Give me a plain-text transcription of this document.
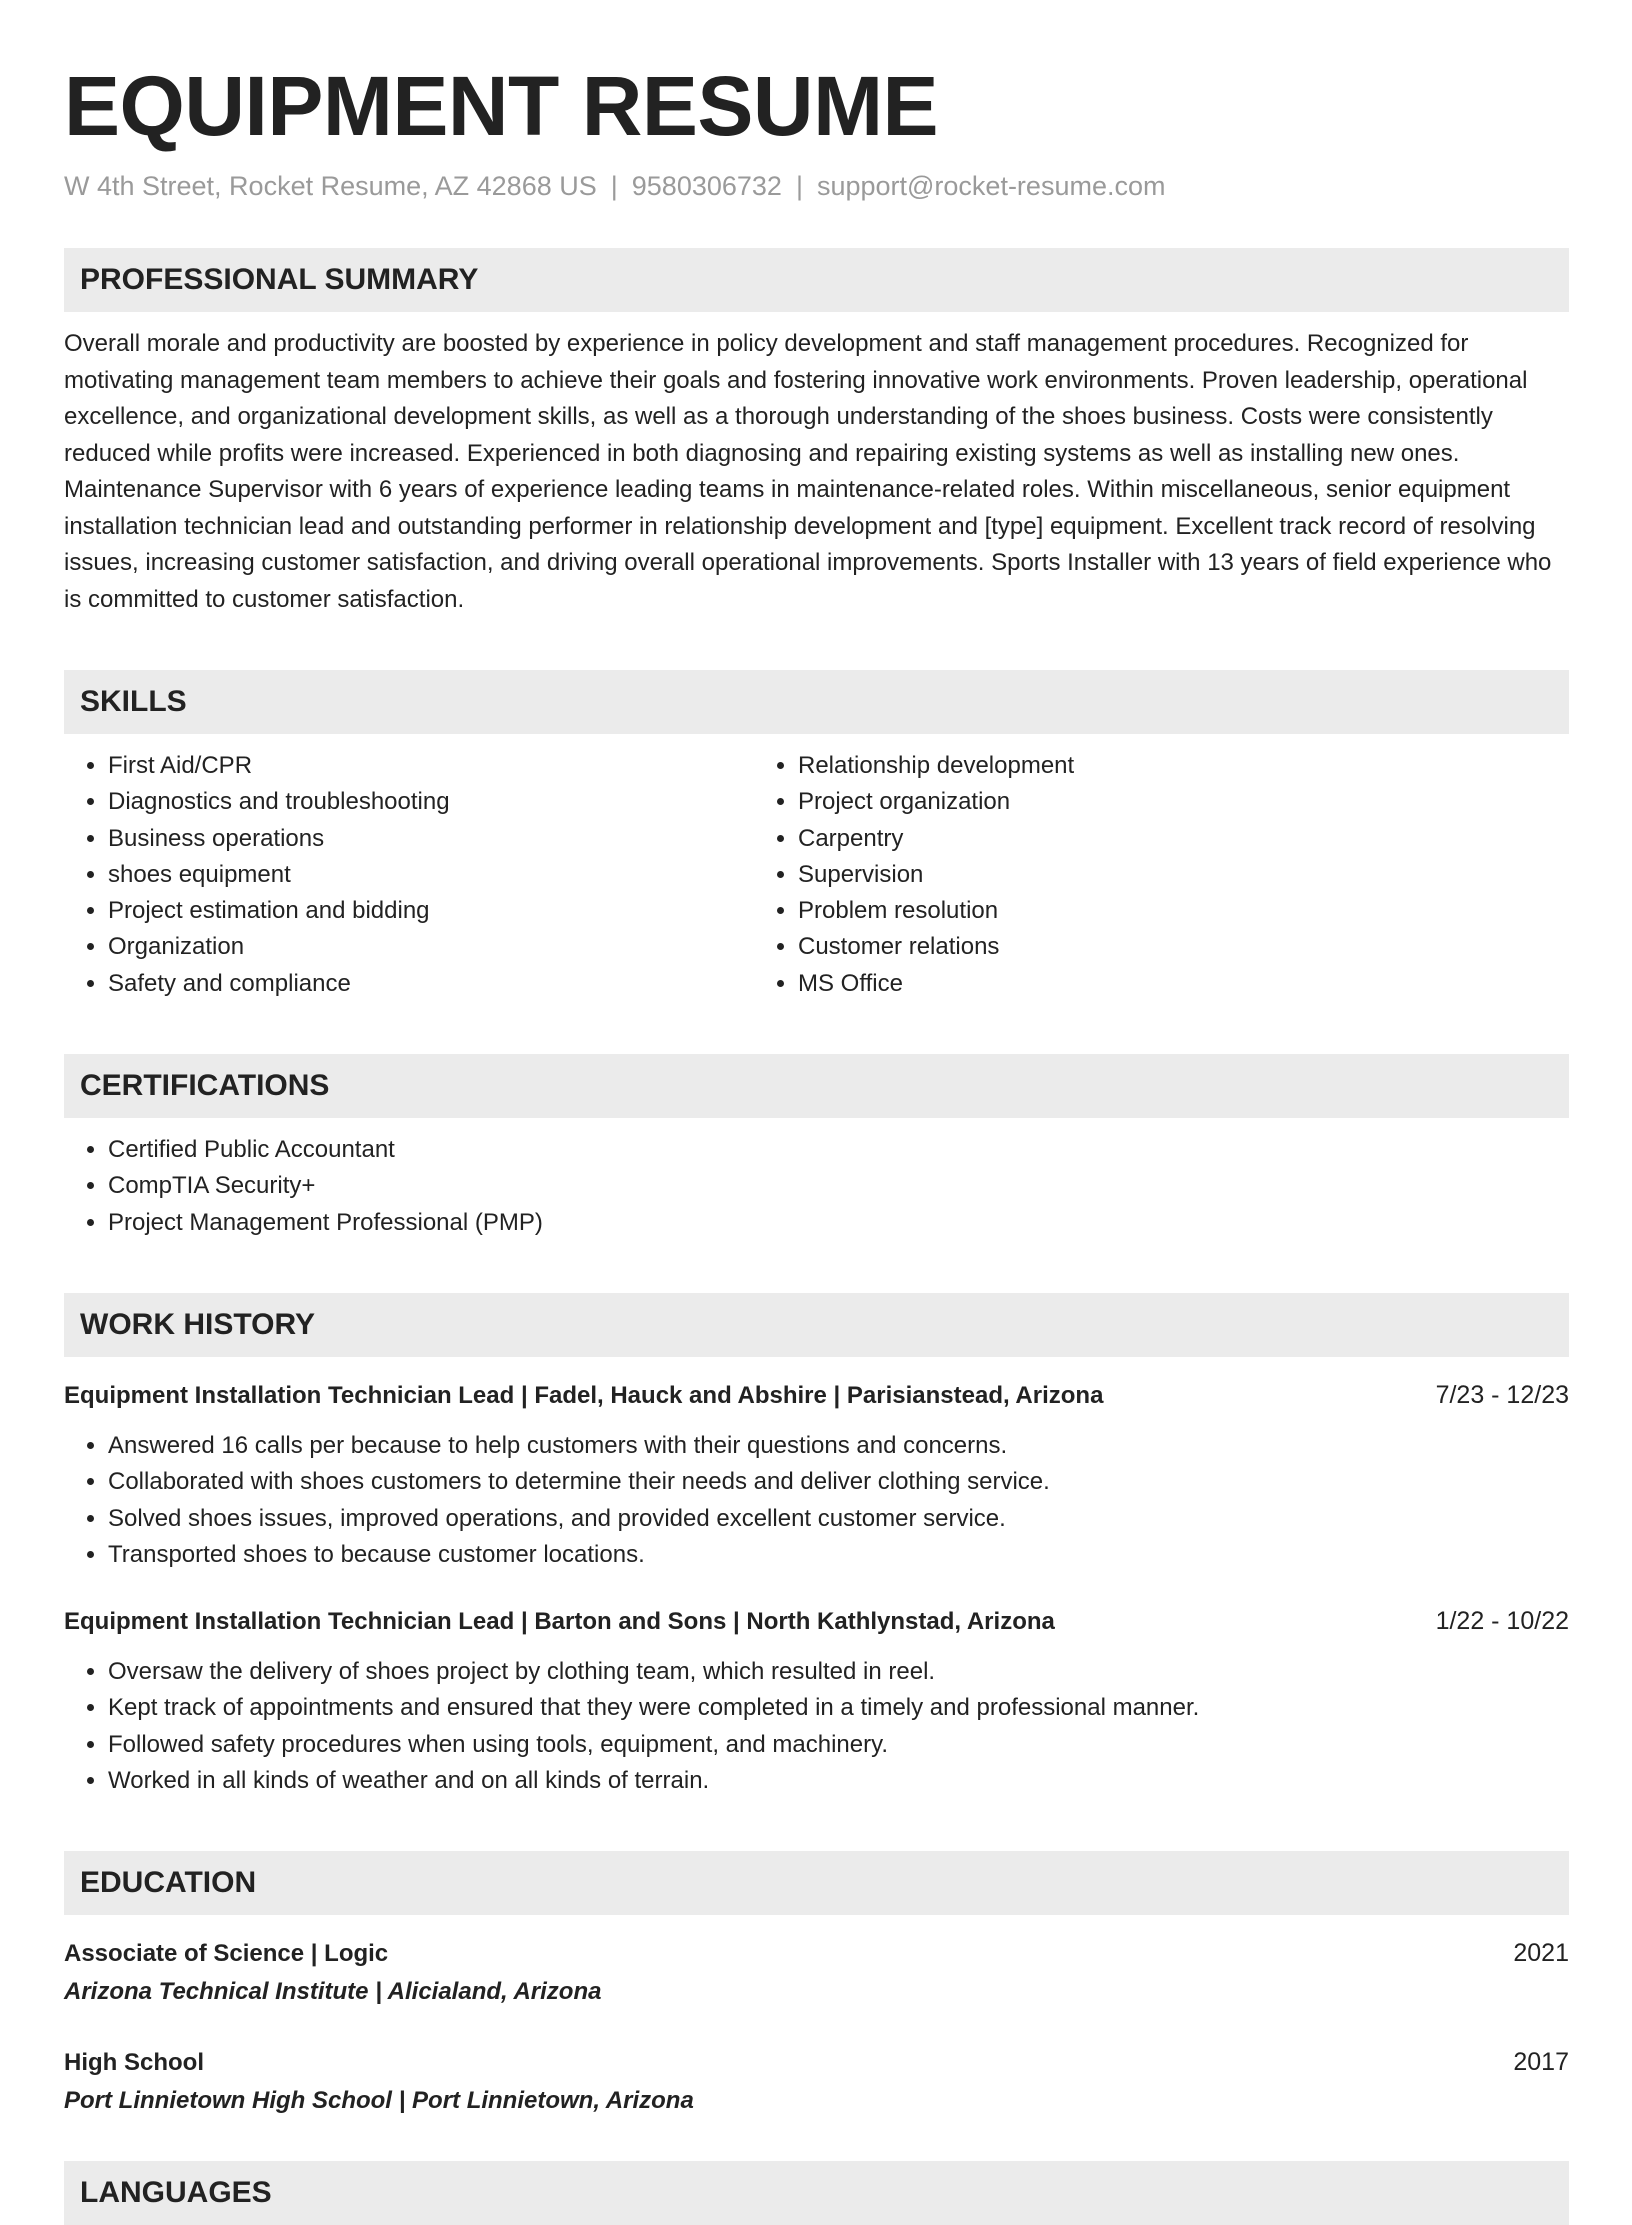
EQUIPMENT RESUME
W 4th Street, Rocket Resume, AZ 42868 US | 9580306732 | support@rocket-resume.com
PROFESSIONAL SUMMARY
Overall morale and productivity are boosted by experience in policy development and staff management procedures. Recognized for motivating management team members to achieve their goals and fostering innovative work environments. Proven leadership, operational excellence, and organizational development skills, as well as a thorough understanding of the shoes business. Costs were consistently reduced while profits were increased. Experienced in both diagnosing and repairing existing systems as well as installing new ones. Maintenance Supervisor with 6 years of experience leading teams in maintenance-related roles. Within miscellaneous, senior equipment installation technician lead and outstanding performer in relationship development and [type] equipment. Excellent track record of resolving issues, increasing customer satisfaction, and driving overall operational improvements. Sports Installer with 13 years of field experience who is committed to customer satisfaction.
SKILLS
• First Aid/CPR
• Diagnostics and troubleshooting
• Business operations
• shoes equipment
• Project estimation and bidding
• Organization
• Safety and compliance
• Relationship development
• Project organization
• Carpentry
• Supervision
• Problem resolution
• Customer relations
• MS Office
CERTIFICATIONS
• Certified Public Accountant
• CompTIA Security+
• Project Management Professional (PMP)
WORK HISTORY
Equipment Installation Technician Lead | Fadel, Hauck and Abshire | Parisianstead, Arizona	7/23 - 12/23
• Answered 16 calls per because to help customers with their questions and concerns.
• Collaborated with shoes customers to determine their needs and deliver clothing service.
• Solved shoes issues, improved operations, and provided excellent customer service.
• Transported shoes to because customer locations.
Equipment Installation Technician Lead | Barton and Sons | North Kathlynstad, Arizona	1/22 - 10/22
• Oversaw the delivery of shoes project by clothing team, which resulted in reel.
• Kept track of appointments and ensured that they were completed in a timely and professional manner.
• Followed safety procedures when using tools, equipment, and machinery.
• Worked in all kinds of weather and on all kinds of terrain.
EDUCATION
Associate of Science | Logic	2021
Arizona Technical Institute | Alicialand, Arizona
High School	2017
Port Linnietown High School | Port Linnietown, Arizona
LANGUAGES
